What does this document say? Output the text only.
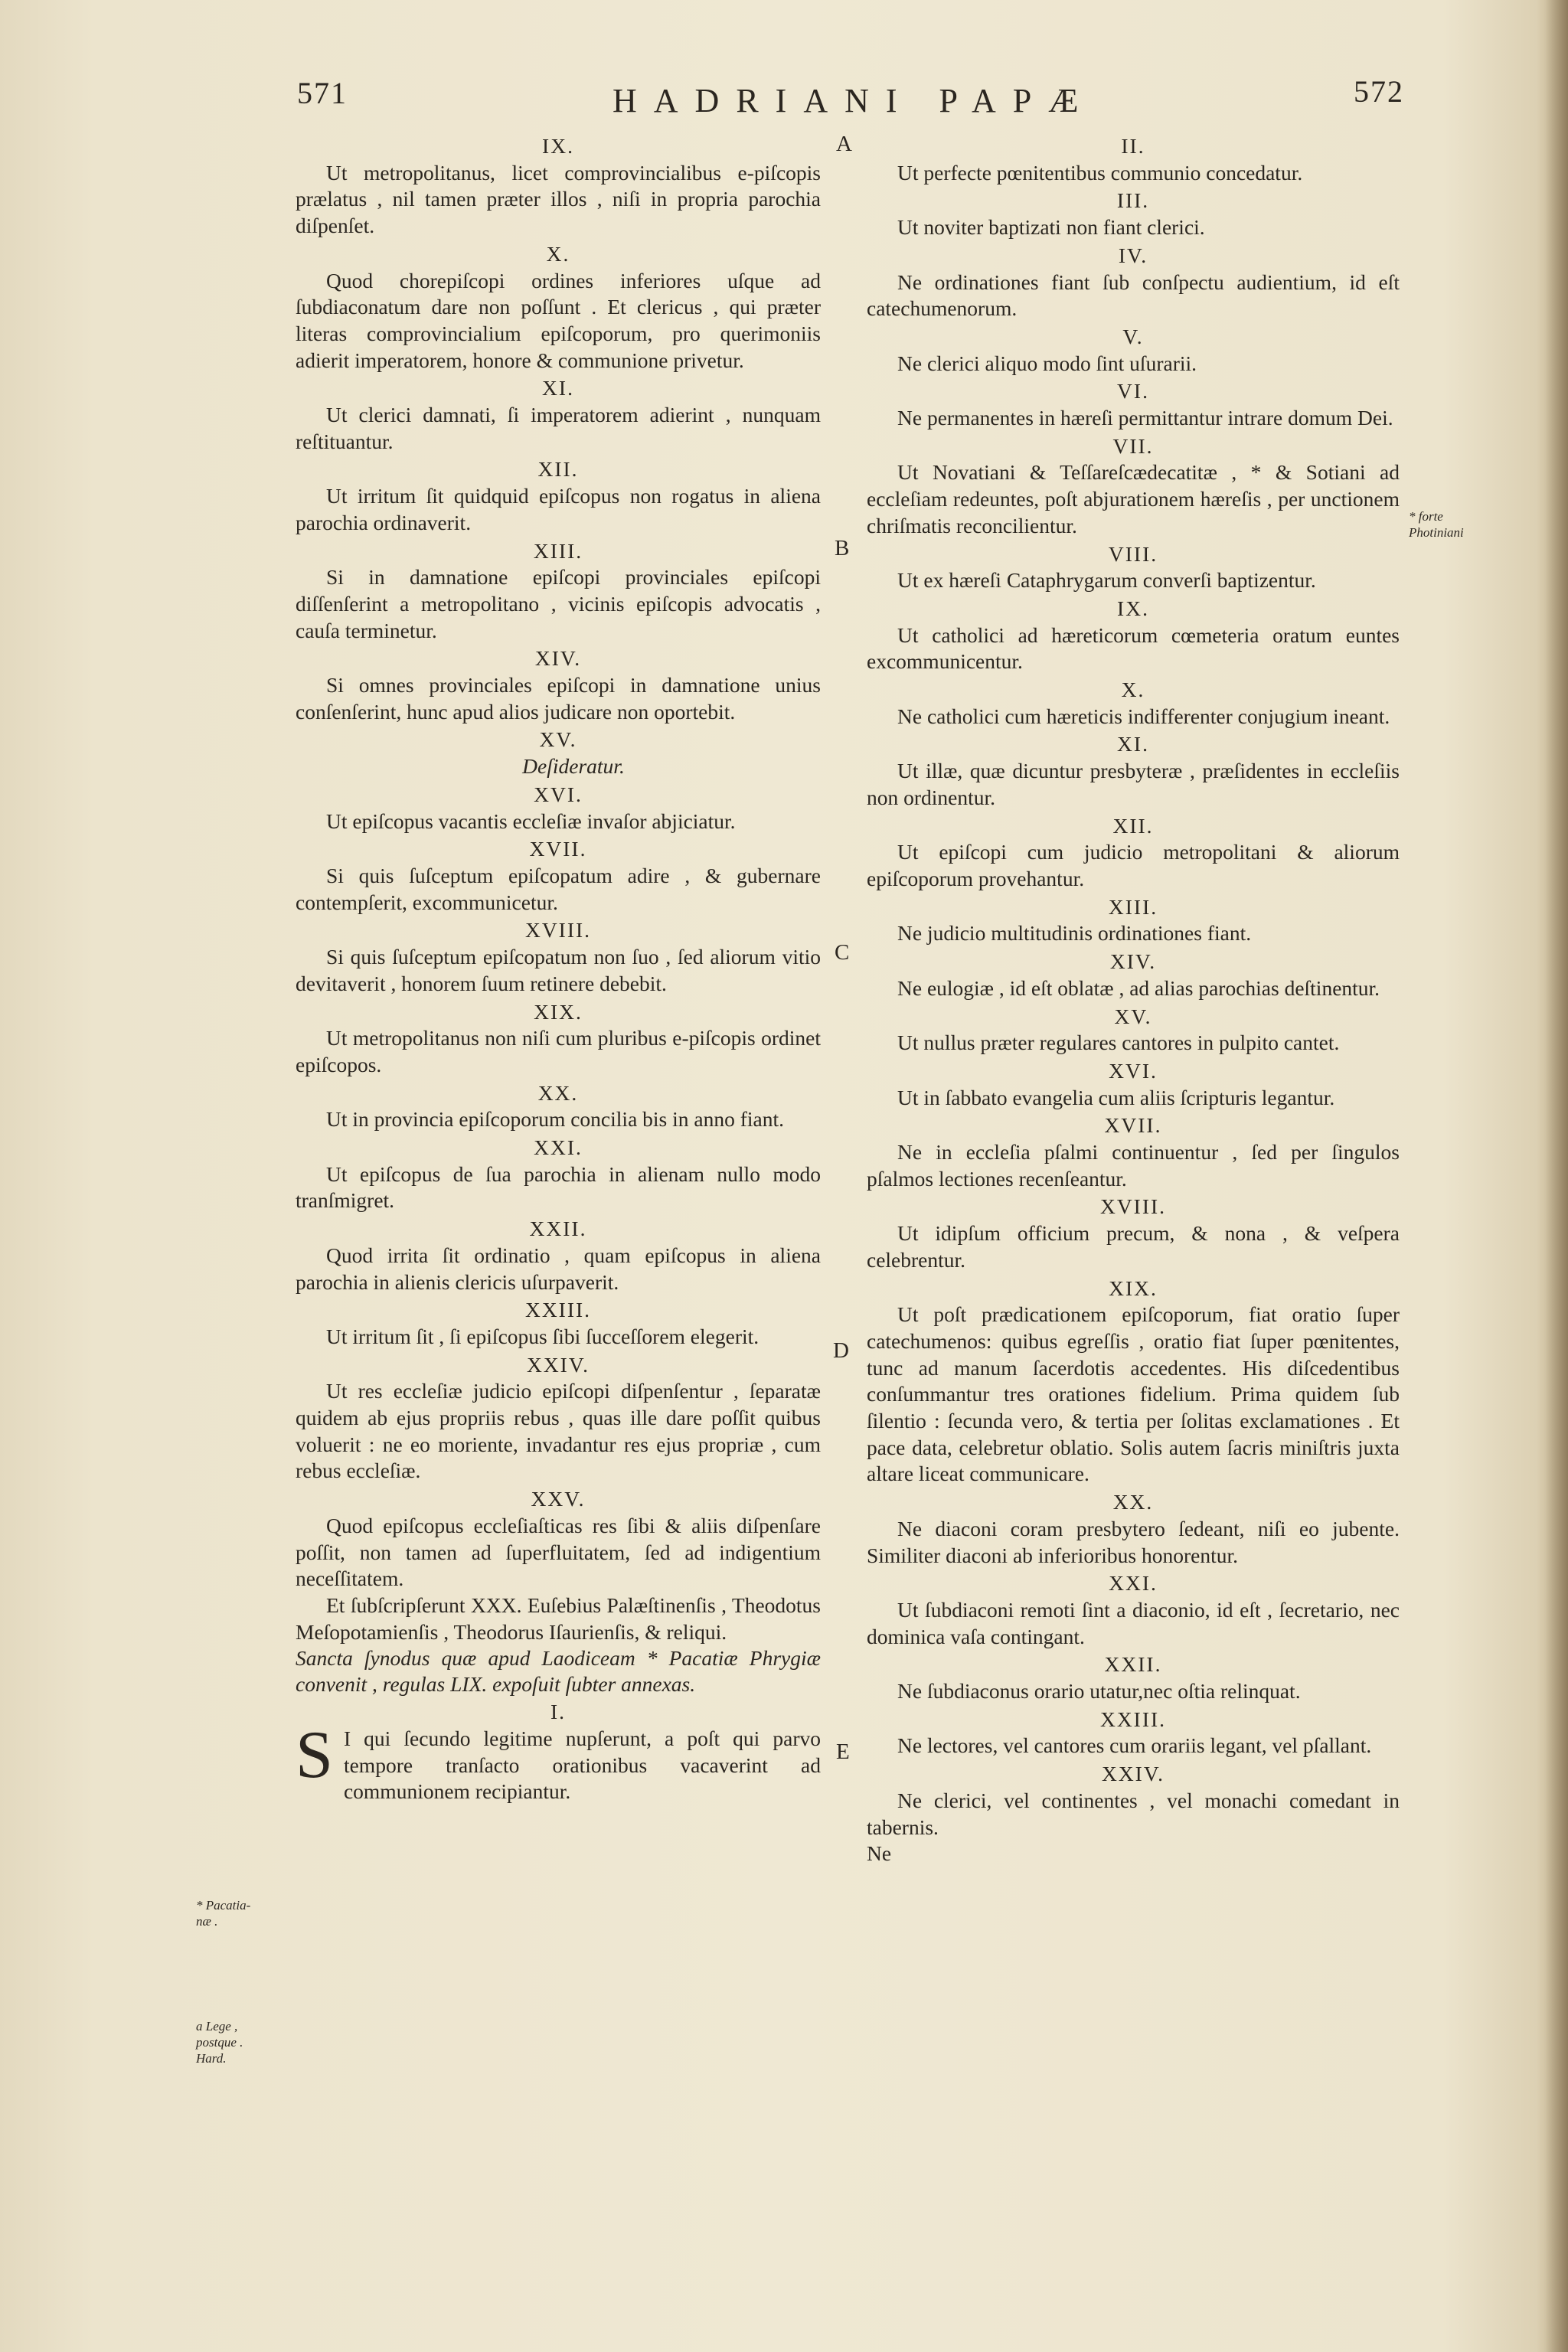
571	HADRIANI PAPÆ	572
A
B
C
D
E
* forte
Photiniani
* Pacatia-
næ .
a Lege ,
postque .
Hard.

IX.

Ut metropolitanus, licet comprovincialibus e-piſcopis prælatus , nil tamen præter illos , niſi in propria parochia diſpenſet.

X.

Quod chorepiſcopi ordines inferiores uſque ad ſubdiaconatum dare non poſſunt . Et clericus , qui præter literas comprovincialium epiſcoporum, pro querimoniis adierit imperatorem, honore & communione privetur.

XI.

Ut clerici damnati, ſi imperatorem adierint , nunquam reſtituantur.

XII.

Ut irritum ſit quidquid epiſcopus non rogatus in aliena parochia ordinaverit.

XIII.

Si in damnatione epiſcopi provinciales epiſcopi diſſenſerint a metropolitano , vicinis epiſcopis advocatis , cauſa terminetur.

XIV.

Si omnes provinciales epiſcopi in damnatione unius conſenſerint, hunc apud alios judicare non oportebit.

XV.

Deſideratur.

XVI.

Ut epiſcopus vacantis eccleſiæ invaſor abjiciatur.

XVII.

Si quis ſuſceptum epiſcopatum adire , & gubernare contempſerit, excommunicetur.

XVIII.

Si quis ſuſceptum epiſcopatum non ſuo , ſed aliorum vitio devitaverit , honorem ſuum retinere debebit.

XIX.

Ut metropolitanus non niſi cum pluribus e-piſcopis ordinet epiſcopos.

XX.

Ut in provincia epiſcoporum concilia bis in anno fiant.

XXI.

Ut epiſcopus de ſua parochia in alienam nullo modo tranſmigret.

XXII.

Quod irrita ſit ordinatio , quam epiſcopus in aliena parochia in alienis clericis uſurpaverit.

XXIII.

Ut irritum ſit , ſi epiſcopus ſibi ſucceſſorem elegerit.

XXIV.

Ut res eccleſiæ judicio epiſcopi diſpenſentur , ſeparatæ quidem ab ejus propriis rebus , quas ille dare poſſit quibus voluerit : ne eo moriente, invadantur res ejus propriæ , cum rebus eccleſiæ.

XXV.

Quod epiſcopus eccleſiaſticas res ſibi & aliis diſpenſare poſſit, non tamen ad ſuperfluitatem, ſed ad indigentium neceſſitatem.

Et ſubſcripſerunt XXX. Euſebius Palæſtinenſis , Theodotus Meſopotamienſis , Theodorus Iſaurienſis, & reliqui.

Sancta ſynodus quæ apud Laodiceam * Pacatiæ Phrygiæ convenit , regulas LIX. expoſuit ſubter annexas.

I.

S I qui ſecundo legitime nupſerunt, a poſt qui parvo tempore tranſacto orationibus vacaverint ad communionem recipiantur.

II.

Ut perfecte pœnitentibus communio concedatur.

III.

Ut noviter baptizati non fiant clerici.

IV.

Ne ordinationes fiant ſub conſpectu audientium, id eſt catechumenorum.

V.

Ne clerici aliquo modo ſint uſurarii.

VI.

Ne permanentes in hæreſi permittantur intrare domum Dei.

VII.

Ut Novatiani & Teſſareſcædecatitæ , * & Sotiani ad eccleſiam redeuntes, poſt abjurationem hæreſis , per unctionem chriſmatis reconcilientur.

VIII.

Ut ex hæreſi Cataphrygarum converſi baptizentur.

IX.

Ut catholici ad hæreticorum cœmeteria oratum euntes excommunicentur.

X.

Ne catholici cum hæreticis indifferenter conjugium ineant.

XI.

Ut illæ, quæ dicuntur presbyteræ , præſidentes in eccleſiis non ordinentur.

XII.

Ut epiſcopi cum judicio metropolitani & aliorum epiſcoporum provehantur.

XIII.

Ne judicio multitudinis ordinationes fiant.

XIV.

Ne eulogiæ , id eſt oblatæ , ad alias parochias deſtinentur.

XV.

Ut nullus præter regulares cantores in pulpito cantet.

XVI.

Ut in ſabbato evangelia cum aliis ſcripturis legantur.

XVII.

Ne in eccleſia pſalmi continuentur , ſed per ſingulos pſalmos lectiones recenſeantur.

XVIII.

Ut idipſum officium precum, & nona , & veſpera celebrentur.

XIX.

Ut poſt prædicationem epiſcoporum, fiat oratio ſuper catechumenos: quibus egreſſis , oratio fiat ſuper pœnitentes, tunc ad manum ſacerdotis accedentes. His diſcedentibus conſummantur tres orationes fidelium. Prima quidem ſub ſilentio : ſecunda vero, & tertia per ſolitas exclamationes . Et pace data, celebretur oblatio. Solis autem ſacris miniſtris juxta altare liceat communicare.

XX.

Ne diaconi coram presbytero ſedeant, niſi eo jubente. Similiter diaconi ab inferioribus honorentur.

XXI.

Ut ſubdiaconi remoti ſint a diaconio, id eſt , ſecretario, nec dominica vaſa contingant.

XXII.

Ne ſubdiaconus orario utatur,nec oſtia relinquat.

XXIII.

Ne lectores, vel cantores cum orariis legant, vel pſallant.

XXIV.

Ne clerici, vel continentes , vel monachi comedant in tabernis.

Ne
